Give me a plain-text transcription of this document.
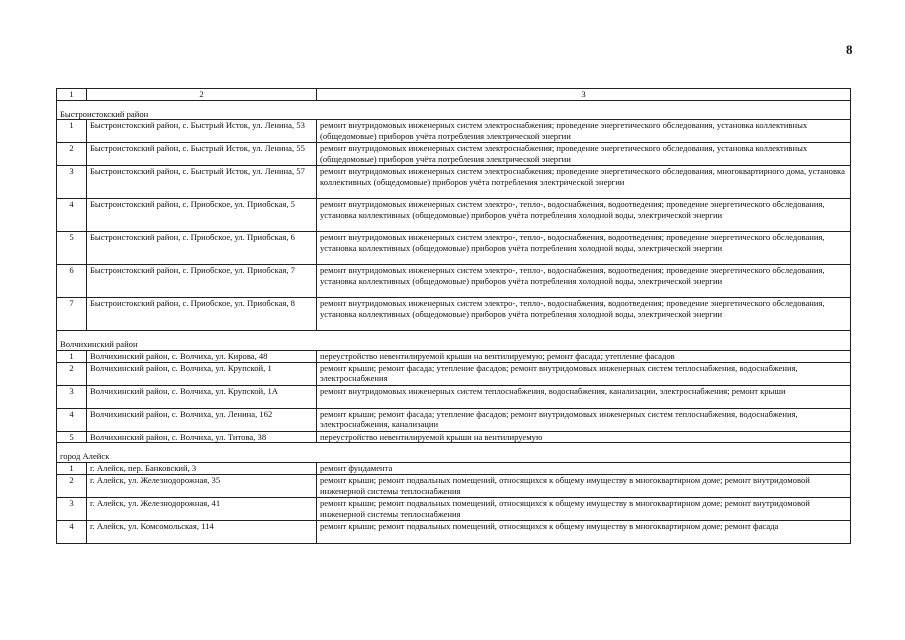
8
1	2	3
Быстроистокский район		
1	Быстроистокский район, с. Быстрый Исток, ул. Ленина, 53	ремонт внутридомовых инженерных систем электроснабжения; проведение энергетического обследования, установка коллективных (общедомовые) приборов учёта потребления электрической энергии
2	Быстроистокский район, с. Быстрый Исток, ул. Ленина, 55	ремонт внутридомовых инженерных систем электроснабжения; проведение энергетического обследования, установка коллективных (общедомовые) приборов учёта потребления электрической энергии
3	Быстроистокский район, с. Быстрый Исток, ул. Ленина, 57	ремонт внутридомовых инженерных систем электроснабжения; проведение энергетического обследования, многоквартирного дома, установка коллективных (общедомовые) приборов учёта потребления электрической энергии
4	Быстроистокский район, с. Приобское, ул. Приобская, 5	ремонт внутридомовых инженерных систем электро-, тепло-, водоснабжения, водоотведения; проведение энергетического обследования, установка коллективных (общедомовые) приборов учёта потребления холодной воды, электрической энергии
5	Быстроистокский район, с. Приобское, ул. Приобская, 6	ремонт внутридомовых инженерных систем электро-, тепло-, водоснабжения, водоотведения; проведение энергетического обследования, установка коллективных (общедомовые) приборов учёта потребления холодной воды, электрической энергии
6	Быстроистокский район, с. Приобское, ул. Приобская, 7	ремонт внутридомовых инженерных систем электро-, тепло-, водоснабжения, водоотведения; проведение энергетического обследования, установка коллективных (общедомовые) приборов учёта потребления холодной воды, электрической энергии
7	Быстроистокский район, с. Приобское, ул. Приобская, 8	ремонт внутридомовых инженерных систем электро-, тепло-, водоснабжения, водоотведения; проведение энергетического обследования, установка коллективных (общедомовые) приборов учёта потребления холодной воды, электрической энергии
Волчихинский район		
1	Волчихинский район, с. Волчиха, ул. Кирова, 48	переустройство невентилируемой крыши на вентилируемую; ремонт фасада; утепление фасадов
2	Волчихинский район, с. Волчиха, ул. Крупской, 1	ремонт крыши; ремонт фасада; утепление фасадов; ремонт внутридомовых инженерных систем теплоснабжения, водоснабжения, электроснабжения
3	Волчихинский район, с. Волчиха, ул. Крупской, 1А	ремонт внутридомовых инженерных систем теплоснабжения, водоснабжения, канализации, электроснабжения; ремонт крыши
4	Волчихинский район, с. Волчиха, ул. Ленина, 162	ремонт крыши; ремонт фасада; утепление фасадов; ремонт внутридомовых инженерных систем теплоснабжения, водоснабжения, электроснабжения, канализации
5	Волчихинский район, с. Волчиха, ул. Титова, 38	переустройство невентилируемой крыши на вентилируемую
город Алейск		
1	г. Алейск, пер. Банковский, 3	ремонт фундамента
2	г. Алейск, ул. Железнодорожная, 35	ремонт крыши; ремонт подвальных помещений, относящихся к общему имуществу в многоквартирном доме; ремонт внутридомовой инженерной системы теплоснабжения
3	г. Алейск, ул. Железнодорожная, 41	ремонт крыши; ремонт подвальных помещений, относящихся к общему имуществу в многоквартирном доме; ремонт внутридомовой инженерной системы теплоснабжения
4	г. Алейск, ул. Комсомольская, 114	ремонт крыши; ремонт подвальных помещений, относящихся к общему имуществу в многоквартирном доме; ремонт фасада
